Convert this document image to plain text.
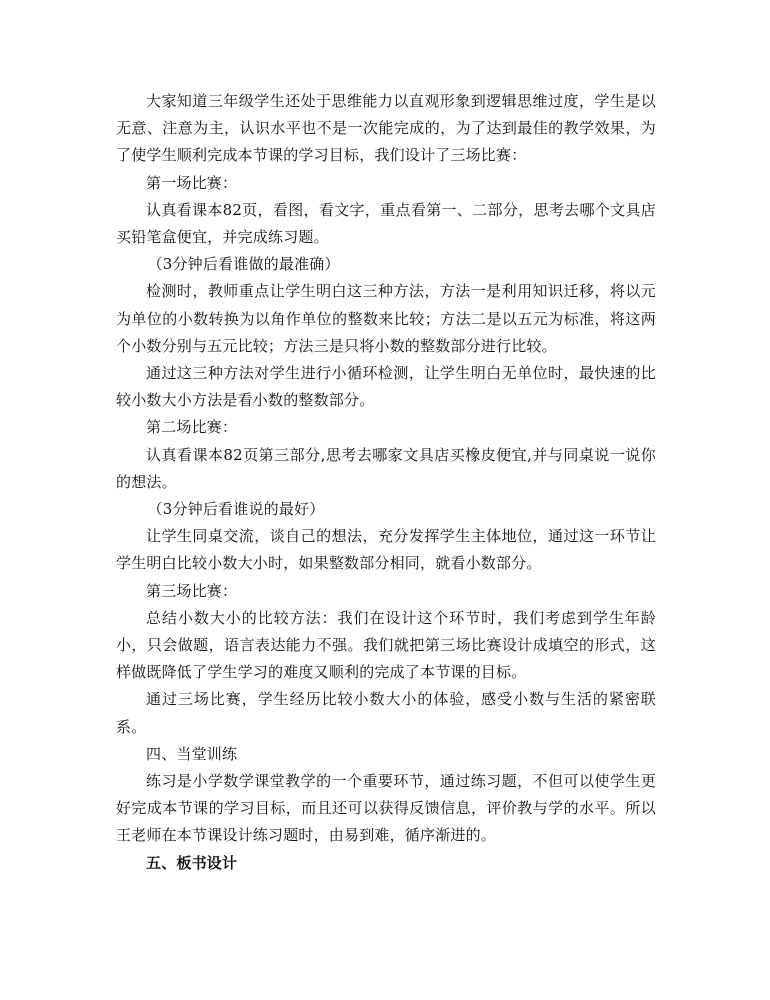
大家知道三年级学生还处于思维能力以直观形象到逻辑思维过度，学生是以无意、注意为主，认识水平也不是一次能完成的，为了达到最佳的教学效果，为了使学生顺利完成本节课的学习目标，我们设计了三场比赛：

第一场比赛：

认真看课本82页，看图，看文字，重点看第一、二部分，思考去哪个文具店买铅笔盒便宜，并完成练习题。

（3分钟后看谁做的最准确）

检测时，教师重点让学生明白这三种方法，方法一是利用知识迁移，将以元为单位的小数转换为以角作单位的整数来比较；方法二是以五元为标准，将这两个小数分别与五元比较；方法三是只将小数的整数部分进行比较。

通过这三种方法对学生进行小循环检测，让学生明白无单位时，最快速的比较小数大小方法是看小数的整数部分。

第二场比赛：

认真看课本82页第三部分,思考去哪家文具店买橡皮便宜,并与同桌说一说你的想法。

（3分钟后看谁说的最好）

让学生同桌交流，谈自己的想法，充分发挥学生主体地位，通过这一环节让学生明白比较小数大小时，如果整数部分相同，就看小数部分。

第三场比赛：

总结小数大小的比较方法：我们在设计这个环节时，我们考虑到学生年龄小，只会做题，语言表达能力不强。我们就把第三场比赛设计成填空的形式，这样做既降低了学生学习的难度又顺利的完成了本节课的目标。

通过三场比赛，学生经历比较小数大小的体验，感受小数与生活的紧密联系。

四、当堂训练

练习是小学数学课堂教学的一个重要环节，通过练习题，不但可以使学生更好完成本节课的学习目标，而且还可以获得反馈信息，评价教与学的水平。所以王老师在本节课设计练习题时，由易到难，循序渐进的。

五、板书设计
